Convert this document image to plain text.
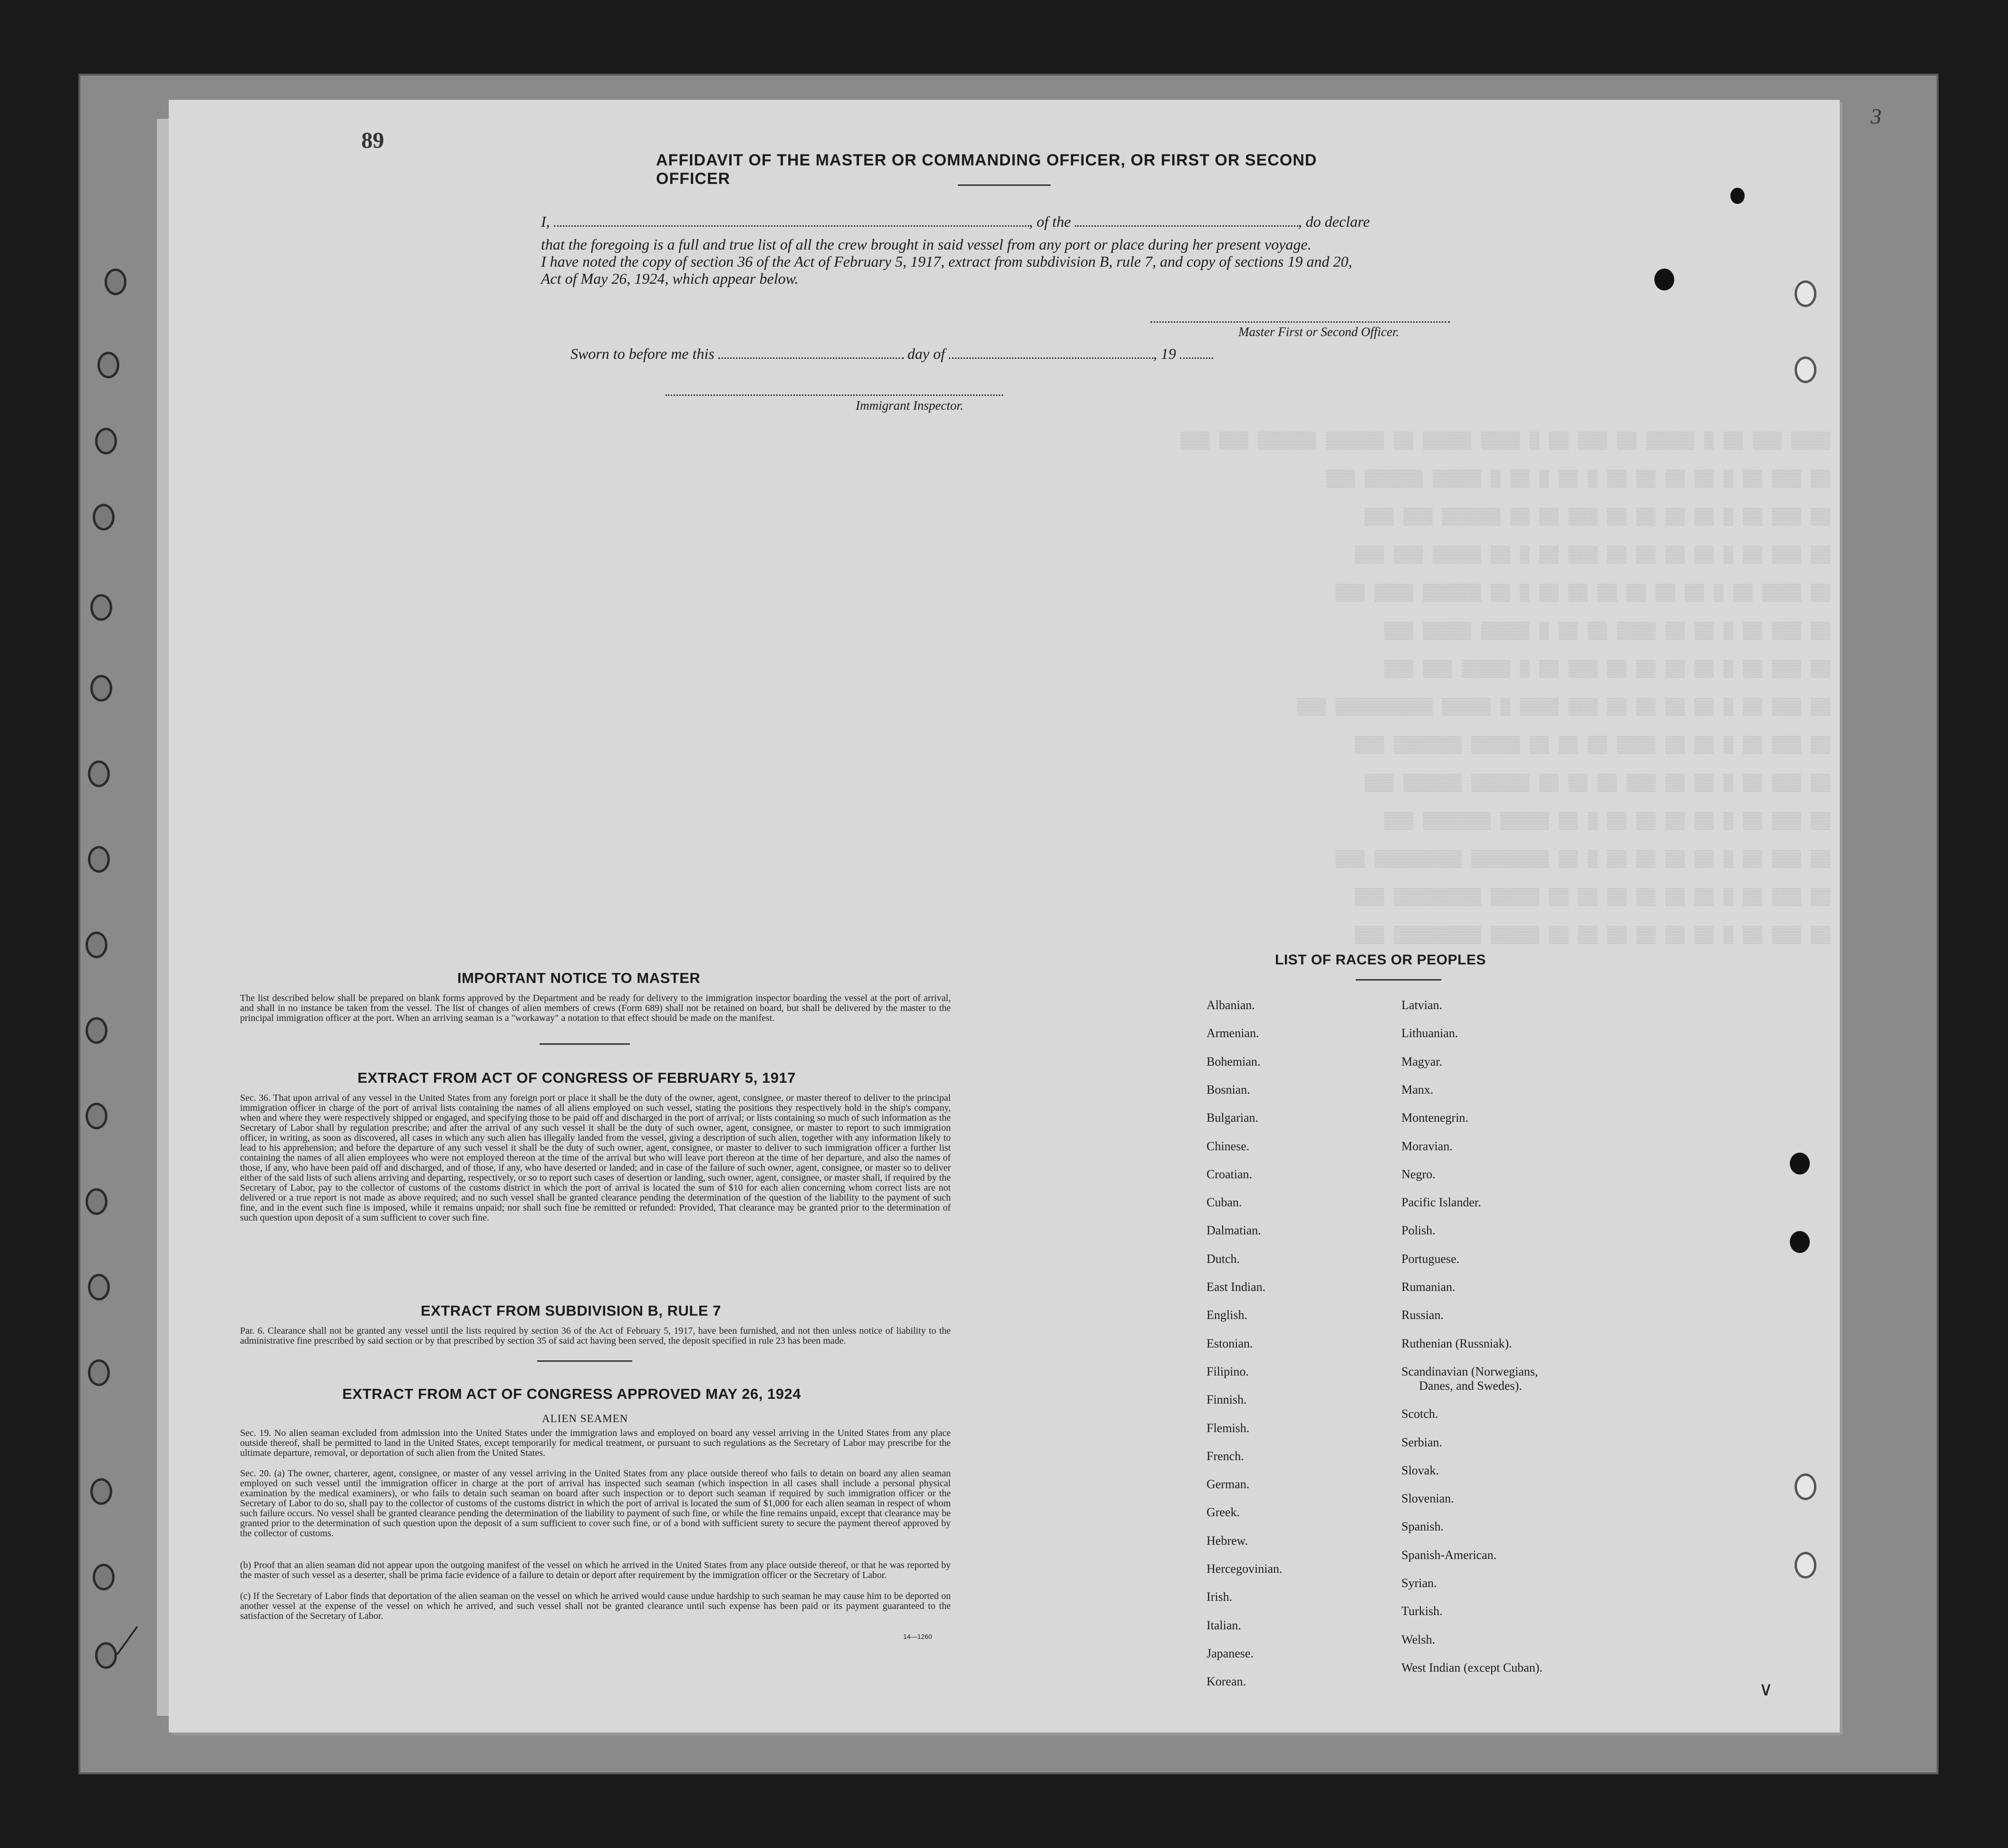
89
3
AFFIDAVIT OF THE MASTER OR COMMANDING OFFICER, OR FIRST OR SECOND OFFICER
I,	, of the	, do declare
that the foregoing is a full and true list of all the crew brought in said vessel from any port or place during her present voyage.
I have noted the copy of section 36 of the Act of February 5, 1917, extract from subdivision B, rule 7, and copy of sections 19 and 20,
Act of May 26, 1924, which appear below.
Master First or Second Officer.
Sworn to before me this	day of	, 19
Immigrant Inspector.
▒▒▒▒ ▒▒▒ ▒▒ ▒ ▒▒▒▒▒ ▒▒ ▒▒▒ ▒▒ ▒ ▒▒▒▒ ▒▒▒▒▒ ▒▒ ▒▒▒▒▒▒ ▒▒▒▒▒▒ ▒▒▒ ▒▒▒
▒▒ ▒▒▒ ▒▒ ▒ ▒▒ ▒▒ ▒▒ ▒▒ ▒ ▒▒ ▒ ▒▒ ▒ ▒▒▒▒▒ ▒▒▒▒▒▒ ▒▒▒
▒▒ ▒▒▒ ▒▒ ▒ ▒▒ ▒▒ ▒▒ ▒▒ ▒▒▒ ▒▒ ▒▒ ▒▒▒▒▒▒ ▒▒▒ ▒▒▒
▒▒ ▒▒▒ ▒▒ ▒ ▒▒ ▒▒ ▒▒ ▒▒ ▒▒▒ ▒▒ ▒ ▒▒ ▒▒▒▒▒ ▒▒▒ ▒▒▒
▒▒ ▒▒▒▒ ▒▒ ▒ ▒▒ ▒▒ ▒▒ ▒▒ ▒▒ ▒▒ ▒ ▒▒ ▒▒▒▒▒▒ ▒▒▒▒ ▒▒▒
▒▒ ▒▒▒ ▒▒ ▒ ▒▒ ▒▒ ▒▒▒▒ ▒▒ ▒▒ ▒ ▒▒▒▒▒ ▒▒▒▒▒ ▒▒▒
▒▒ ▒▒▒ ▒▒ ▒ ▒▒ ▒▒ ▒▒ ▒▒ ▒▒▒ ▒▒ ▒ ▒▒▒▒▒ ▒▒▒ ▒▒▒
▒▒ ▒▒▒ ▒▒ ▒ ▒▒ ▒▒ ▒▒ ▒▒ ▒▒▒ ▒▒▒▒ ▒ ▒▒▒▒▒ ▒▒▒▒▒▒▒▒▒▒ ▒▒▒
▒▒ ▒▒▒ ▒▒ ▒ ▒▒ ▒▒ ▒▒▒▒ ▒▒ ▒▒ ▒▒ ▒▒▒▒▒ ▒▒▒▒▒▒▒ ▒▒▒
▒▒ ▒▒▒ ▒▒ ▒ ▒▒ ▒▒ ▒▒▒ ▒▒ ▒▒ ▒▒ ▒▒▒▒▒▒ ▒▒▒▒▒▒ ▒▒▒
▒▒ ▒▒▒ ▒▒ ▒ ▒▒ ▒▒ ▒▒ ▒▒ ▒ ▒▒ ▒▒▒▒▒ ▒▒▒▒▒▒▒ ▒▒▒
▒▒ ▒▒▒ ▒▒ ▒ ▒▒ ▒▒ ▒▒ ▒▒ ▒ ▒▒ ▒▒▒▒▒▒▒▒ ▒▒▒▒▒▒▒▒▒ ▒▒▒
▒▒ ▒▒▒ ▒▒ ▒ ▒▒ ▒▒ ▒▒ ▒▒ ▒▒ ▒▒ ▒▒▒▒▒ ▒▒▒▒▒▒▒▒▒ ▒▒▒
▒▒ ▒▒▒ ▒▒ ▒ ▒▒ ▒▒ ▒▒ ▒▒ ▒▒ ▒▒ ▒▒▒▒▒ ▒▒▒▒▒▒▒▒▒ ▒▒▒
IMPORTANT NOTICE TO MASTER
The list described below shall be prepared on blank forms approved by the Department and be ready for delivery to the immigration inspector boarding the vessel at the port of arrival, and shall in no instance be taken from the vessel. The list of changes of alien members of crews (Form 689) shall not be retained on board, but shall be delivered by the master to the principal immigration officer at the port. When an arriving seaman is a "workaway" a notation to that effect should be made on the manifest.
EXTRACT FROM ACT OF CONGRESS OF FEBRUARY 5, 1917
Sec. 36. That upon arrival of any vessel in the United States from any foreign port or place it shall be the duty of the owner, agent, consignee, or master thereof to deliver to the principal immigration officer in charge of the port of arrival lists containing the names of all aliens employed on such vessel, stating the positions they respectively hold in the ship's company, when and where they were respectively shipped or engaged, and specifying those to be paid off and discharged in the port of arrival; or lists containing so much of such information as the Secretary of Labor shall by regulation prescribe; and after the arrival of any such vessel it shall be the duty of such owner, agent, consignee, or master to report to such immigration officer, in writing, as soon as discovered, all cases in which any such alien has illegally landed from the vessel, giving a description of such alien, together with any information likely to lead to his apprehension; and before the departure of any such vessel it shall be the duty of such owner, agent, consignee, or master to deliver to such immigration officer a further list containing the names of all alien employees who were not employed thereon at the time of the arrival but who will leave port thereon at the time of her departure, and also the names of those, if any, who have been paid off and discharged, and of those, if any, who have deserted or landed; and in case of the failure of such owner, agent, consignee, or master so to deliver either of the said lists of such aliens arriving and departing, respectively, or so to report such cases of desertion or landing, such owner, agent, consignee, or master shall, if required by the Secretary of Labor, pay to the collector of customs of the customs district in which the port of arrival is located the sum of $10 for each alien concerning whom correct lists are not delivered or a true report is not made as above required; and no such vessel shall be granted clearance pending the determination of the question of the liability to the payment of such fine, and in the event such fine is imposed, while it remains unpaid; nor shall such fine be remitted or refunded: Provided, That clearance may be granted prior to the determination of such question upon deposit of a sum sufficient to cover such fine.
EXTRACT FROM SUBDIVISION B, RULE 7
Par. 6. Clearance shall not be granted any vessel until the lists required by section 36 of the Act of February 5, 1917, have been furnished, and not then unless notice of liability to the administrative fine prescribed by said section or by that prescribed by section 35 of said act having been served, the deposit specified in rule 23 has been made.
EXTRACT FROM ACT OF CONGRESS APPROVED MAY 26, 1924
ALIEN SEAMEN
Sec. 19. No alien seaman excluded from admission into the United States under the immigration laws and employed on board any vessel arriving in the United States from any place outside thereof, shall be permitted to land in the United States, except temporarily for medical treatment, or pursuant to such regulations as the Secretary of Labor may prescribe for the ultimate departure, removal, or deportation of such alien from the United States.
Sec. 20. (a) The owner, charterer, agent, consignee, or master of any vessel arriving in the United States from any place outside thereof who fails to detain on board any alien seaman employed on such vessel until the immigration officer in charge at the port of arrival has inspected such seaman (which inspection in all cases shall include a personal physical examination by the medical examiners), or who fails to detain such seaman on board after such inspection or to deport such seaman if required by such immigration officer or the Secretary of Labor to do so, shall pay to the collector of customs of the customs district in which the port of arrival is located the sum of $1,000 for each alien seaman in respect of whom such failure occurs. No vessel shall be granted clearance pending the determination of the liability to payment of such fine, or while the fine remains unpaid, except that clearance may be granted prior to the determination of such question upon the deposit of a sum sufficient to cover such fine, or of a bond with sufficient surety to secure the payment thereof approved by the collector of customs.
(b) Proof that an alien seaman did not appear upon the outgoing manifest of the vessel on which he arrived in the United States from any place outside thereof, or that he was reported by the master of such vessel as a deserter, shall be prima facie evidence of a failure to detain or deport after requirement by the immigration officer or the Secretary of Labor.
(c) If the Secretary of Labor finds that deportation of the alien seaman on the vessel on which he arrived would cause undue hardship to such seaman he may cause him to be deported on another vessel at the expense of the vessel on which he arrived, and such vessel shall not be granted clearance until such expense has been paid or its payment guaranteed to the satisfaction of the Secretary of Labor.
14—1260
LIST OF RACES OR PEOPLES
Albanian.
Armenian.
Bohemian.
Bosnian.
Bulgarian.
Chinese.
Croatian.
Cuban.
Dalmatian.
Dutch.
East Indian.
English.
Estonian.
Filipino.
Finnish.
Flemish.
French.
German.
Greek.
Hebrew.
Hercegovinian.
Irish.
Italian.
Japanese.
Korean.
Latvian.
Lithuanian.
Magyar.
Manx.
Montenegrin.
Moravian.
Negro.
Pacific Islander.
Polish.
Portuguese.
Rumanian.
Russian.
Ruthenian (Russniak).
Scandinavian (Norwegians,
Danes, and Swedes).
Scotch.
Serbian.
Slovak.
Slovenian.
Spanish.
Spanish-American.
Syrian.
Turkish.
Welsh.
West Indian (except Cuban).
∕
∨
